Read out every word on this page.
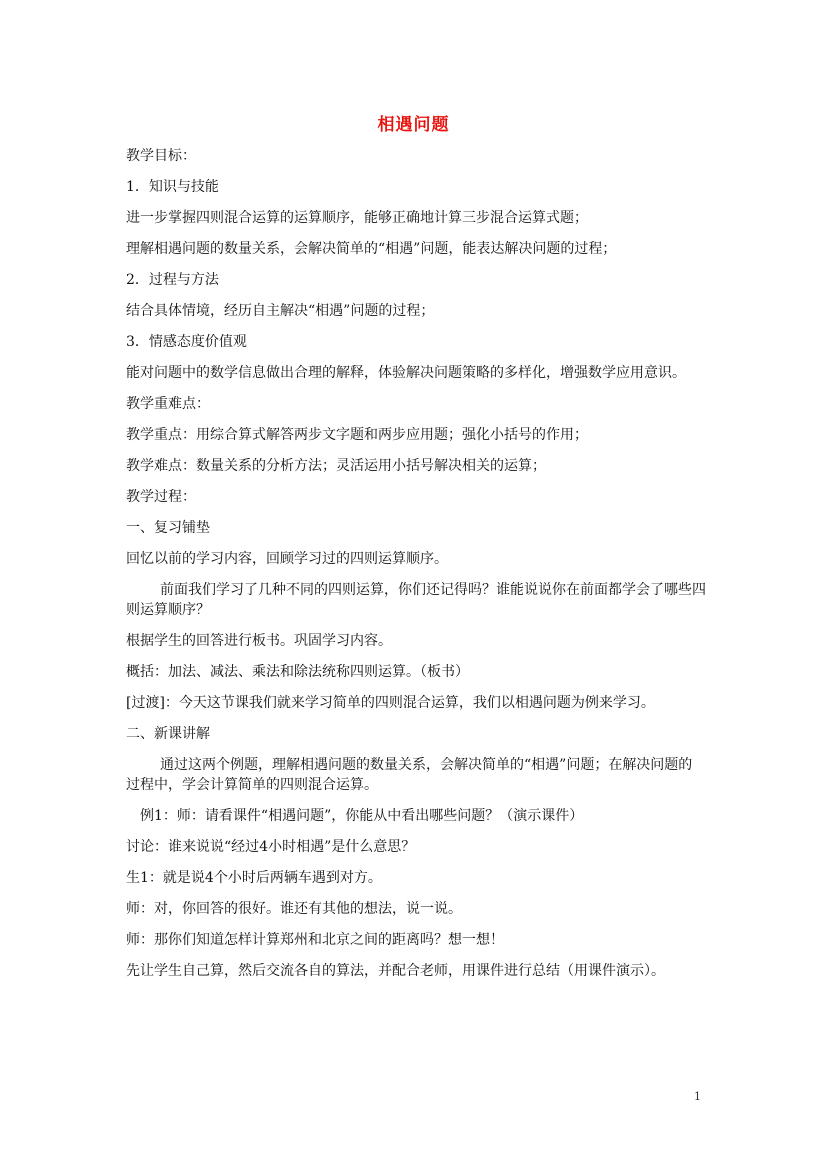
相遇问题

教学目标：

1．知识与技能

进一步掌握四则混合运算的运算顺序，能够正确地计算三步混合运算式题；

理解相遇问题的数量关系，会解决简单的“相遇”问题，能表达解决问题的过程；

2．过程与方法

结合具体情境，经历自主解决“相遇”问题的过程；

3．情感态度价值观

能对问题中的数学信息做出合理的解释，体验解决问题策略的多样化，增强数学应用意识。

教学重难点：

教学重点：用综合算式解答两步文字题和两步应用题；强化小括号的作用；

教学难点：数量关系的分析方法；灵活运用小括号解决相关的运算；

教学过程：

一、复习铺垫

回忆以前的学习内容，回顾学习过的四则运算顺序。

前面我们学习了几种不同的四则运算，你们还记得吗？谁能说说你在前面都学会了哪些四则运算顺序？

根据学生的回答进行板书。巩固学习内容。

概括：加法、减法、乘法和除法统称四则运算。（板书）

[过渡]：今天这节课我们就来学习简单的四则混合运算，我们以相遇问题为例来学习。

二、新课讲解

通过这两个例题，理解相遇问题的数量关系，会解决简单的“相遇”问题；在解决问题的过程中，学会计算简单的四则混合运算。

例1：师：请看课件“相遇问题”，你能从中看出哪些问题？（演示课件）

讨论：谁来说说“经过4小时相遇”是什么意思？

生1：就是说4个小时后两辆车遇到对方。

师：对，你回答的很好。谁还有其他的想法，说一说。

师：那你们知道怎样计算郑州和北京之间的距离吗？想一想！

先让学生自己算，然后交流各自的算法，并配合老师，用课件进行总结（用课件演示）。

1
